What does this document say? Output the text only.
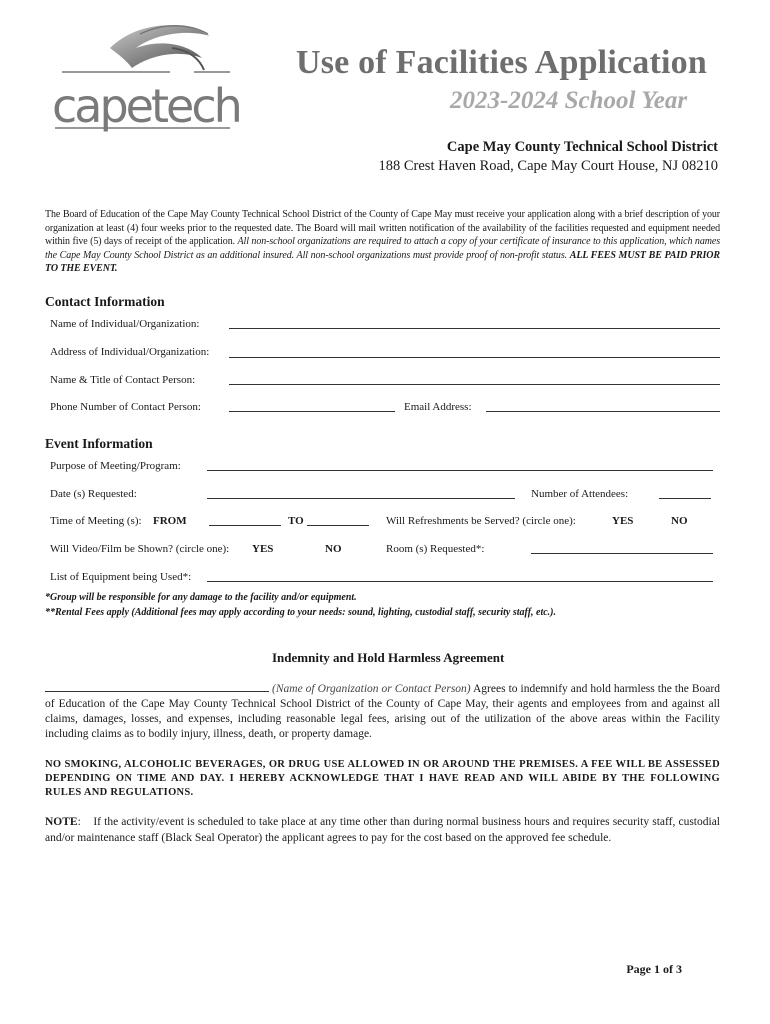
capetech
Use of Facilities Application
2023-2024 School Year
Cape May County Technical School District
188 Crest Haven Road, Cape May Court House, NJ 08210
The Board of Education of the Cape May County Technical School District of the County of Cape May must receive your application along with a brief description of your organization at least (4) four weeks prior to the requested date. The Board will mail written notification of the availability of the facilities requested and equipment needed within five (5) days of receipt of the application. All non-school organizations are required to attach a copy of your certificate of insurance to this application, which names the Cape May County School District as an additional insured. All non-school organizations must provide proof of non-profit status. ALL FEES MUST BE PAID PRIOR TO THE EVENT.
Contact Information
Name of Individual/Organization:
Address of Individual/Organization:
Name & Title of Contact Person:
Phone Number of Contact Person:	Email Address:
Event Information
Purpose of Meeting/Program:
Date (s) Requested:	Number of Attendees:
Time of Meeting (s): FROM	TO	Will Refreshments be Served? (circle one):	YES	NO
Will Video/Film be Shown? (circle one): YES	NO	Room (s) Requested*:
List of Equipment being Used*:
*Group will be responsible for any damage to the facility and/or equipment.
**Rental Fees apply (Additional fees may apply according to your needs: sound, lighting, custodial staff, security staff, etc.).
Indemnity and Hold Harmless Agreement
(Name of Organization or Contact Person) Agrees to indemnify and hold harmless the the Board of Education of the Cape May County Technical School District of the County of Cape May, their agents and employees from and against all claims, damages, losses, and expenses, including reasonable legal fees, arising out of the utilization of the above areas within the Facility including claims as to bodily injury, illness, death, or property damage.
NO SMOKING, ALCOHOLIC BEVERAGES, OR DRUG USE ALLOWED IN OR AROUND THE PREMISES. A FEE WILL BE ASSESSED DEPENDING ON TIME AND DAY. I HEREBY ACKNOWLEDGE THAT I HAVE READ AND WILL ABIDE BY THE FOLLOWING RULES AND REGULATIONS.
NOTE:    If the activity/event is scheduled to take place at any time other than during normal business hours and requires security staff, custodial and/or maintenance staff (Black Seal Operator) the applicant agrees to pay for the cost based on the approved fee schedule.
Page 1 of 3
